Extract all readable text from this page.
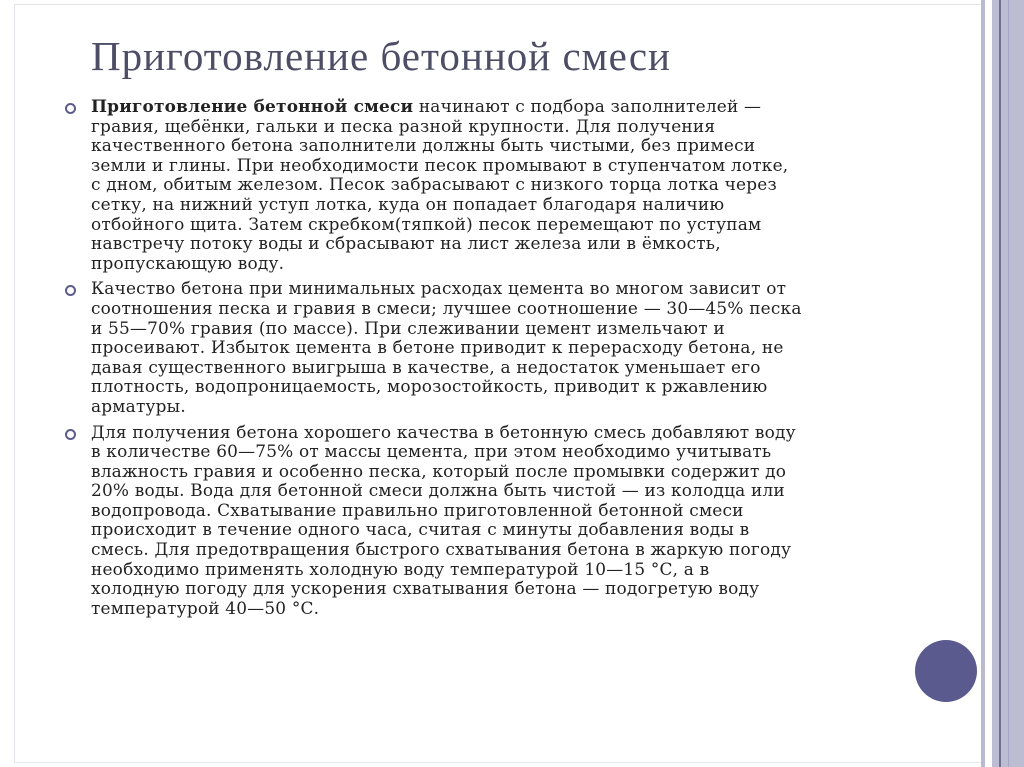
Приготовление бетонной смеси
Приготовление бетонной смеси начинают с подбора заполнителей —
гравия, щебёнки, гальки и песка разной крупности. Для получения
качественного бетона заполнители должны быть чистыми, без примеси
земли и глины. При необходимости песок промывают в ступенчатом лотке,
с дном, обитым железом. Песок забрасывают с низкого торца лотка через
сетку, на нижний уступ лотка, куда он попадает благодаря наличию
отбойного щита. Затем скребком(тяпкой) песок перемещают по уступам
навстречу потоку воды и сбрасывают на лист железа или в ёмкость,
пропускающую воду.
Качество бетона при минимальных расходах цемента во многом зависит от
соотношения песка и гравия в смеси; лучшее соотношение — 30—45% песка
и 55—70% гравия (по массе). При слеживании цемент измельчают и
просеивают. Избыток цемента в бетоне приводит к перерасходу бетона, не
давая существенного выигрыша в качестве, а недостаток уменьшает его
плотность, водопроницаемость, морозостойкость, приводит к ржавлению
арматуры.
Для получения бетона хорошего качества в бетонную смесь добавляют воду
в количестве 60—75% от массы цемента, при этом необходимо учитывать
влажность гравия и особенно песка, который после промывки содержит до
20% воды. Вода для бетонной смеси должна быть чистой — из колодца или
водопровода. Схватывание правильно приготовленной бетонной смеси
происходит в течение одного часа, считая с минуты добавления воды в
смесь. Для предотвращения быстрого схватывания бетона в жаркую погоду
необходимо применять холодную воду температурой 10—15 °С, а в
холодную погоду для ускорения схватывания бетона — подогретую воду
температурой 40—50 °С.
